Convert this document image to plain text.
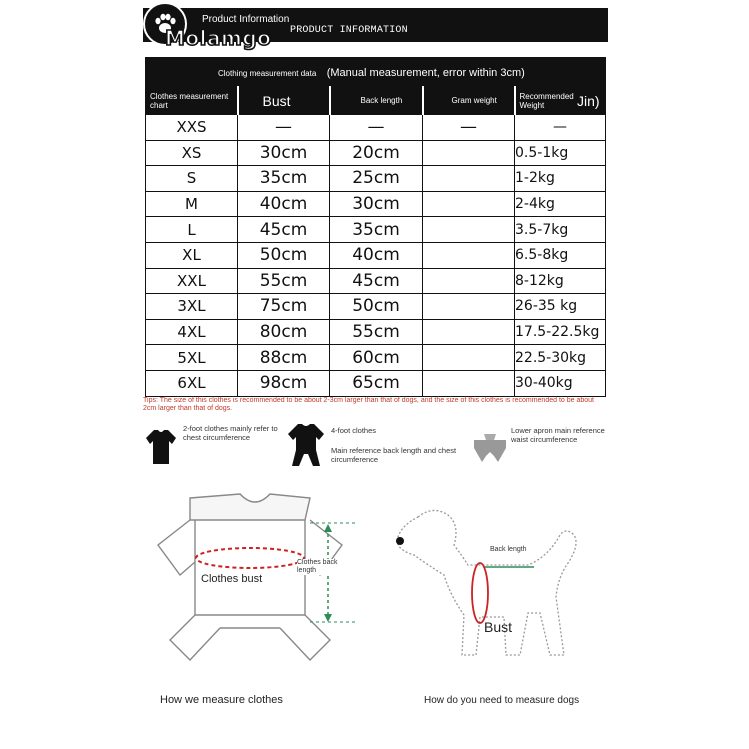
Molamgo
Product Information
PRODUCT INFORMATION
Clothing measurement data (Manual measurement, error within 3cm)				
Clothes measurement chart	Bust	Back length	Gram weight	Recommended Weight Jin)

XXS	—	—	—	—
XS	30cm	20cm		0.5-1kg
S	35cm	25cm		1-2kg
M	40cm	30cm		2-4kg
L	45cm	35cm		3.5-7kg
XL	50cm	40cm		6.5-8kg
XXL	55cm	45cm		8-12kg
3XL	75cm	50cm		26-35 kg
4XL	80cm	55cm		17.5-22.5kg
5XL	88cm	60cm		22.5-30kg
6XL	98cm	65cm		30-40kg
Tips: The size of this clothes is recommended to be about 2-3cm larger than that of dogs, and the size of this clothes is recommended to be about 2cm larger than that of dogs.
2-foot clothes mainly refer to chest circumference
4-foot clothes
Main reference back length and chest circumference
Lower apron main reference waist circumference
Clothes bust
Clothes back length
How we measure clothes
Back length
Bust
How do you need to measure dogs
